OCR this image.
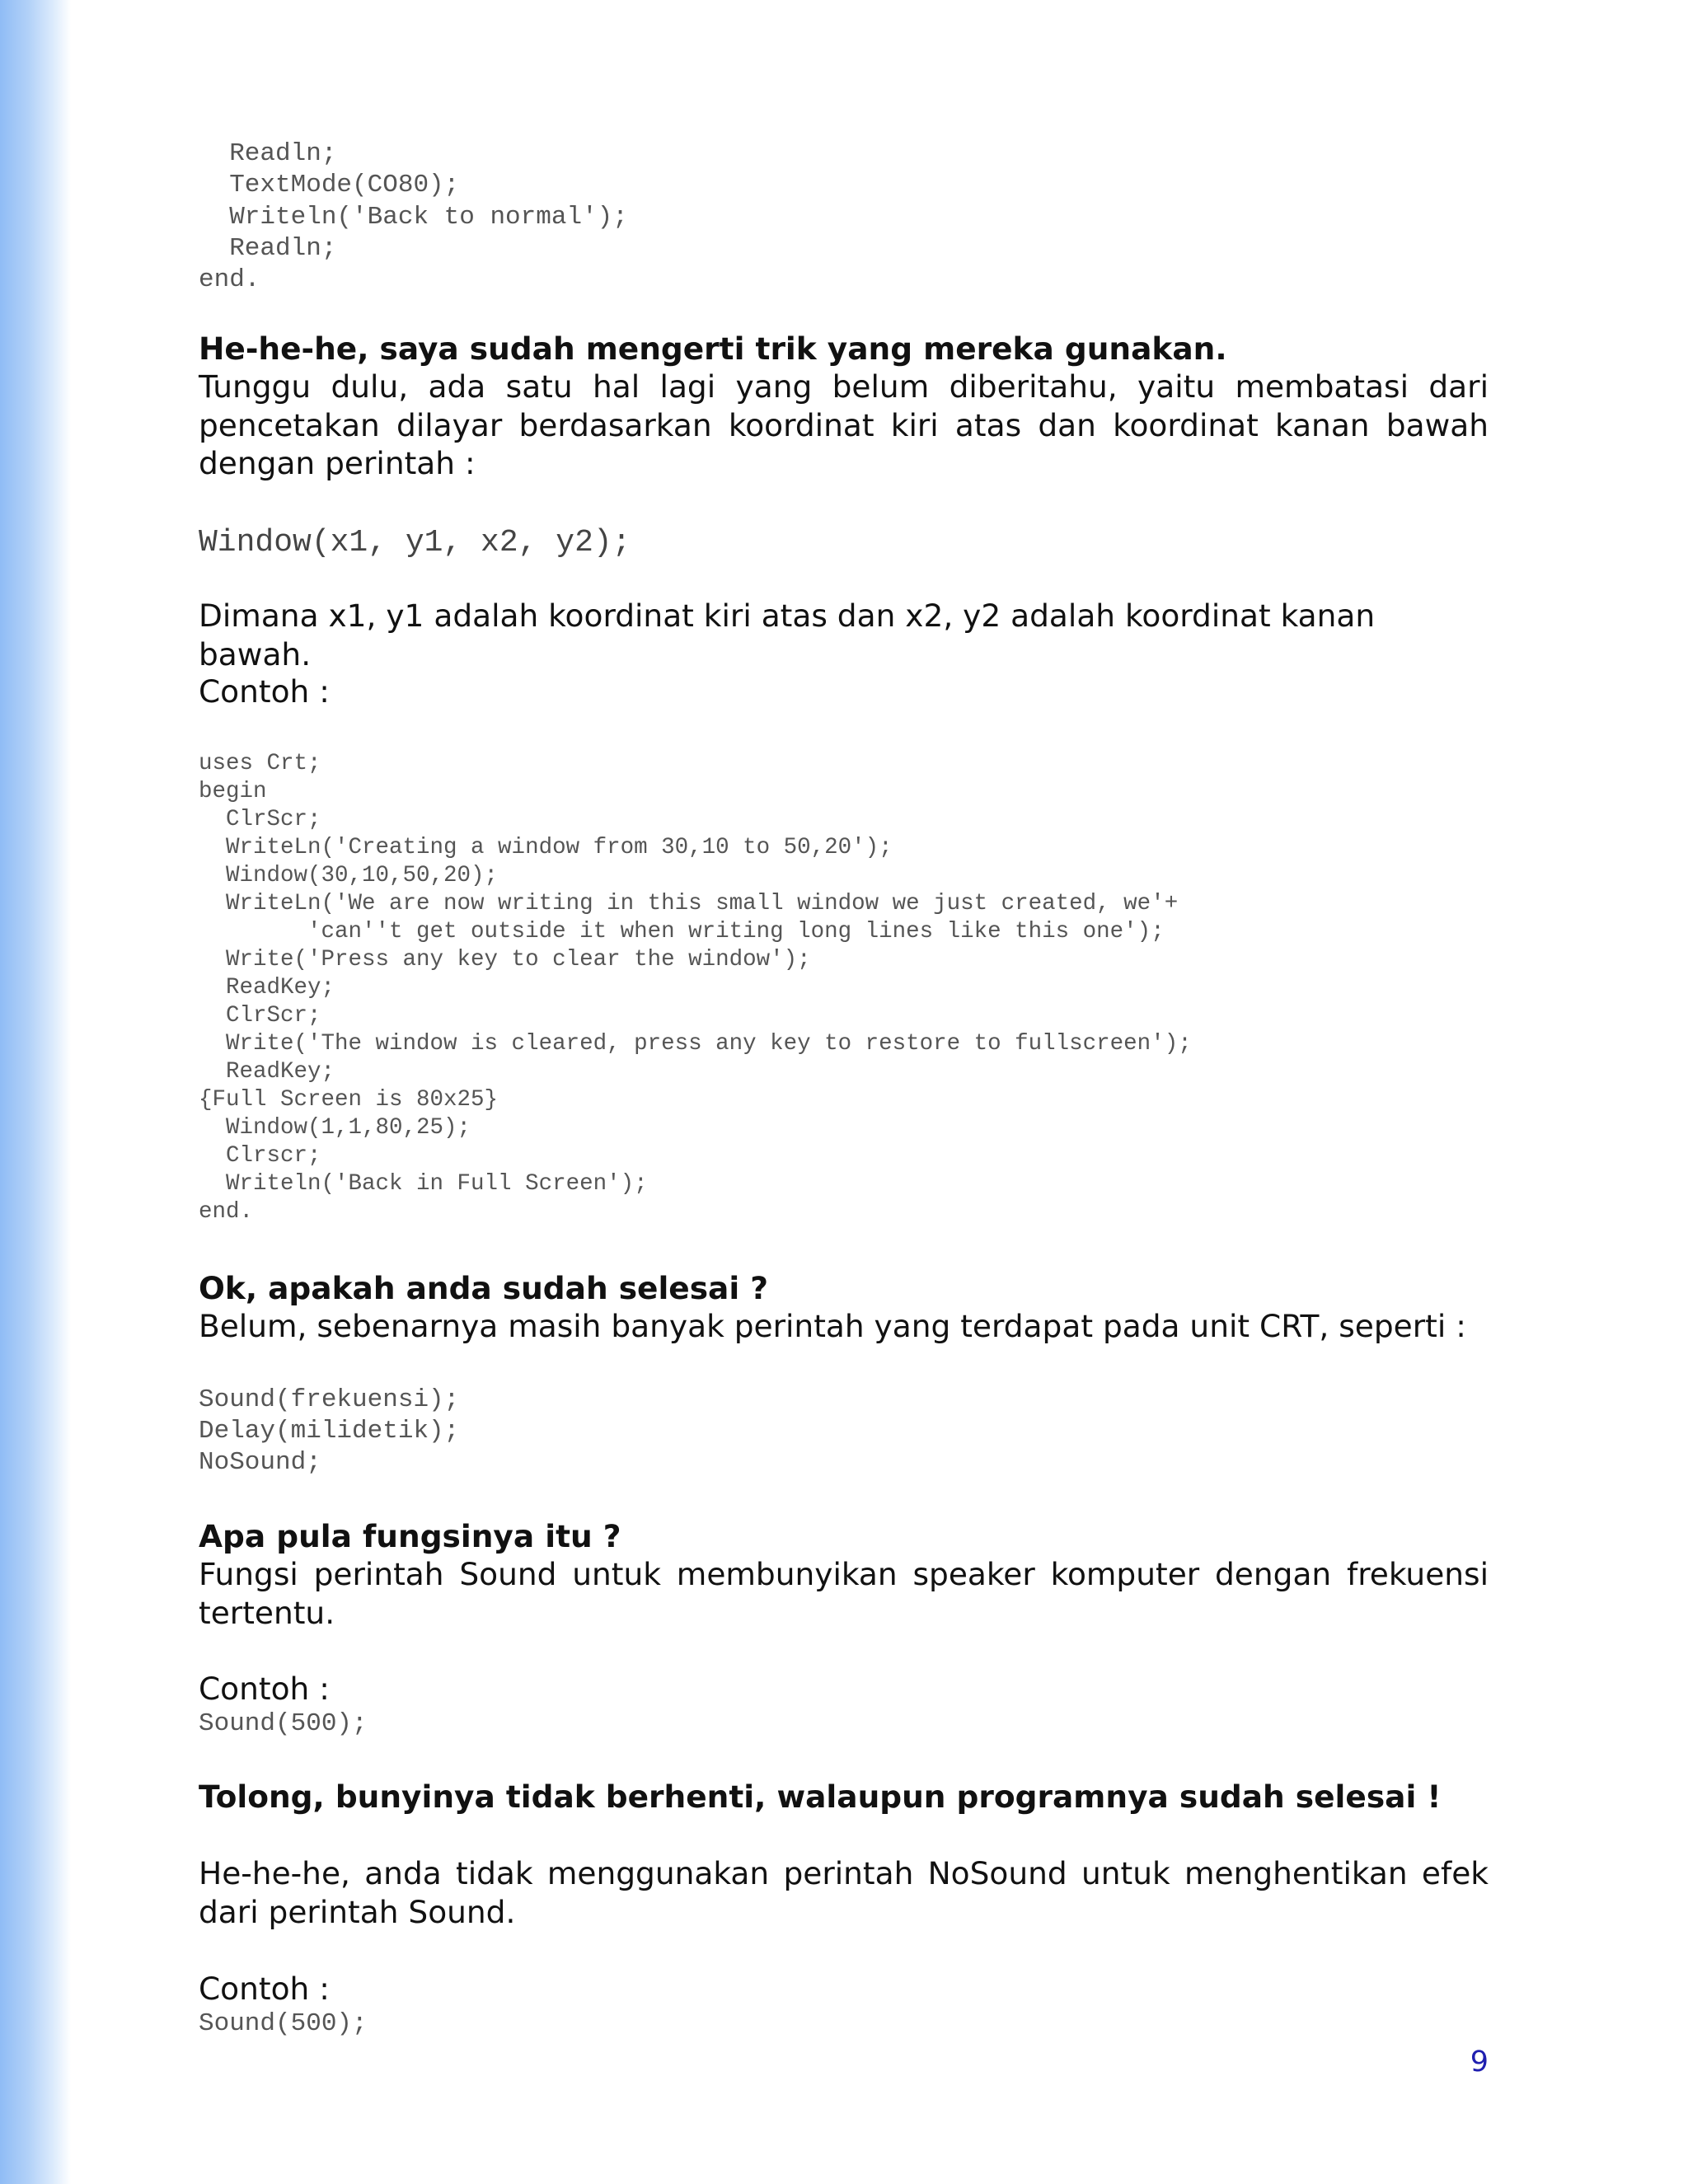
Readln;
TextMode(CO80);
Writeln('Back to normal');
Readln;
end.

He-he-he, saya sudah mengerti trik yang mereka gunakan.

Tunggu dulu, ada satu hal lagi yang belum diberitahu, yaitu membatasi dari pencetakan dilayar berdasarkan koordinat kiri atas dan koordinat kanan bawah dengan perintah :

Window(x1, y1, x2, y2);

Dimana x1, y1 adalah koordinat kiri atas dan x2, y2 adalah koordinat kanan bawah.

Contoh :

uses Crt;
begin
ClrScr;
WriteLn('Creating a window from 30,10 to 50,20');
Window(30,10,50,20);
WriteLn('We are now writing in this small window we just created, we'+
'can''t get outside it when writing long lines like this one');
Write('Press any key to clear the window');
ReadKey;
ClrScr;
Write('The window is cleared, press any key to restore to fullscreen');
ReadKey;
{Full Screen is 80x25}
Window(1,1,80,25);
Clrscr;
Writeln('Back in Full Screen');
end.

Ok, apakah anda sudah selesai ?

Belum, sebenarnya masih banyak perintah yang terdapat pada unit CRT, seperti :

Sound(frekuensi);
Delay(milidetik);
NoSound;

Apa pula fungsinya itu ?

Fungsi perintah Sound untuk membunyikan speaker komputer dengan frekuensi tertentu.

Contoh :

Sound(500);

Tolong, bunyinya tidak berhenti, walaupun programnya sudah selesai !

He-he-he, anda tidak menggunakan perintah NoSound untuk menghentikan efek dari perintah Sound.

Contoh :

Sound(500);
9
